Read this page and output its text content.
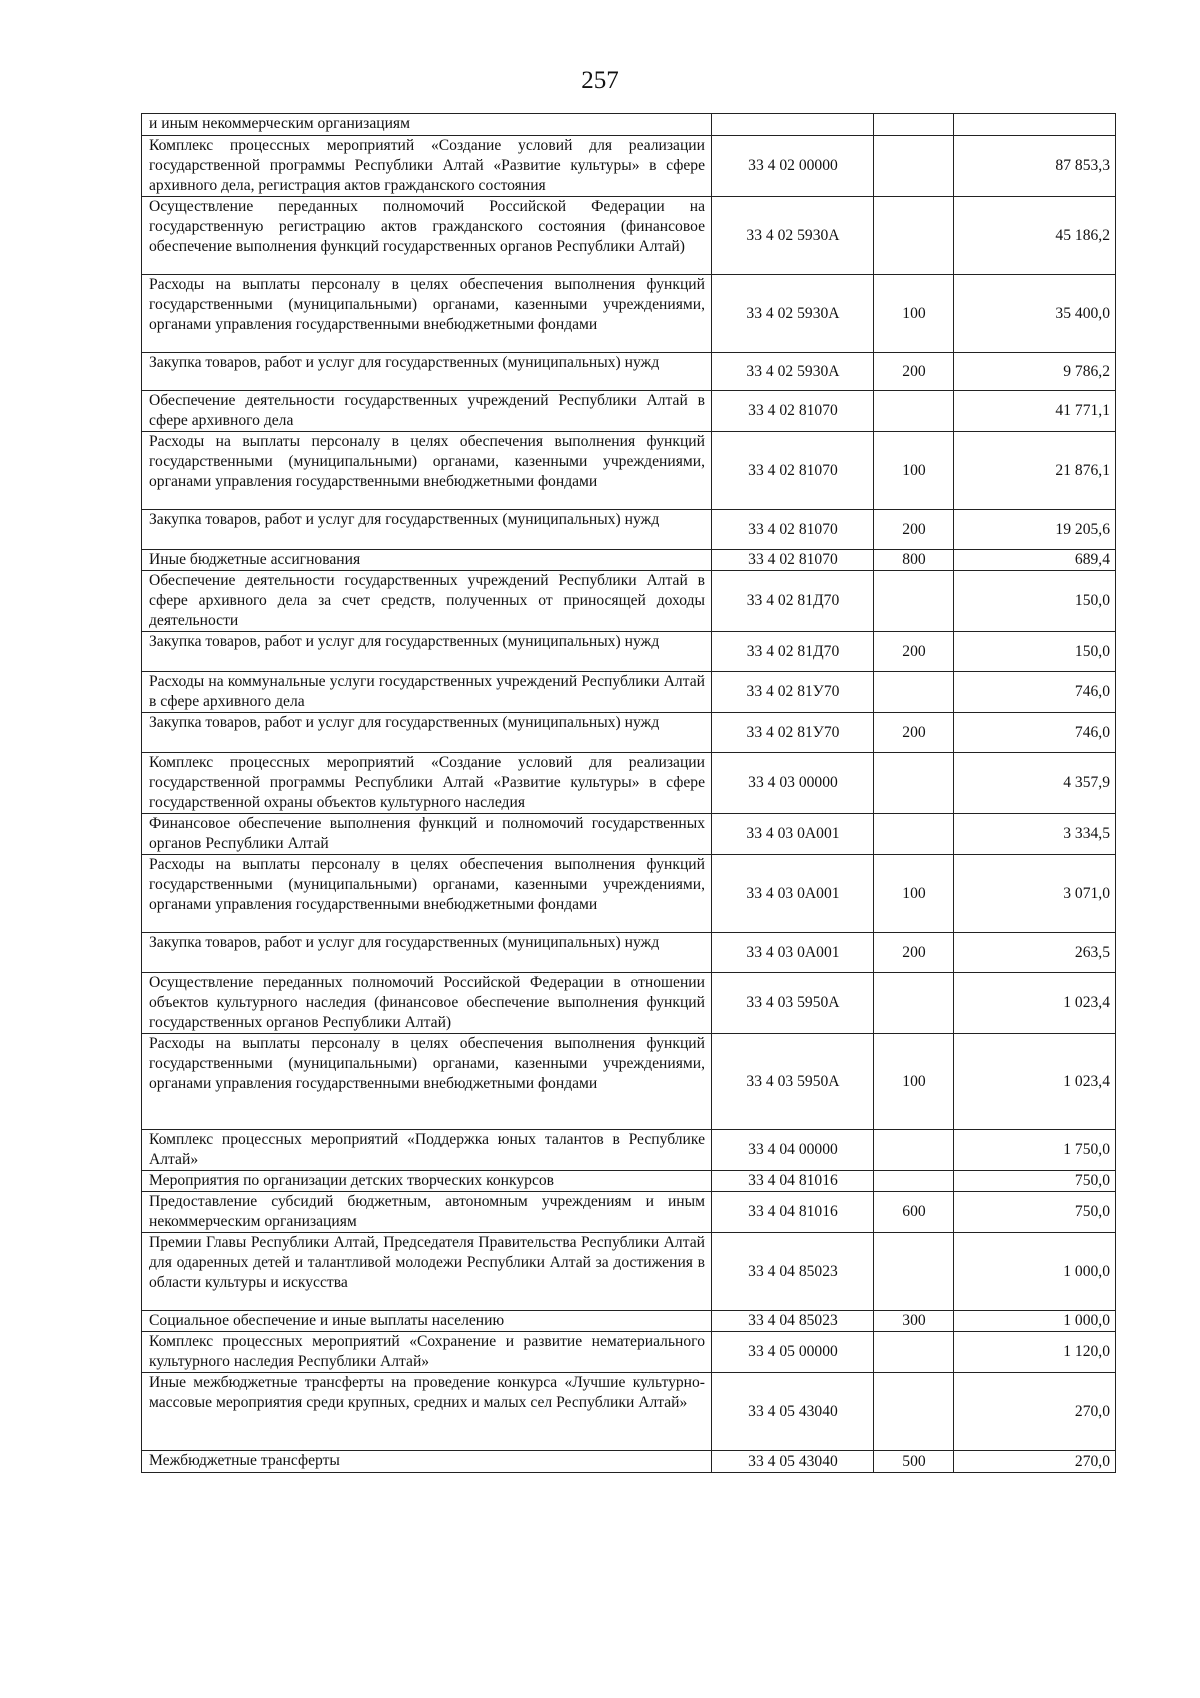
257
и иным некоммерческим организациям			
Комплекс процессных мероприятий «Создание условий для реализации государственной программы Республики Алтай «Развитие культуры» в сфере архивного дела, регистрация актов гражданского состояния	33 4 02 00000		87 853,3
Осуществление переданных полномочий Российской Федерации на государственную регистрацию актов гражданского состояния (финансовое обеспечение выполнения функций государственных органов Республики Алтай)	33 4 02 5930А		45 186,2
Расходы на выплаты персоналу в целях обеспечения выполнения функций государственными (муниципальными) органами, казенными учреждениями, органами управления государственными внебюджетными фондами	33 4 02 5930А	100	35 400,0
Закупка товаров, работ и услуг для государственных (муниципальных) нужд	33 4 02 5930А	200	9 786,2
Обеспечение деятельности государственных учреждений Республики Алтай в сфере архивного дела	33 4 02 81070		41 771,1
Расходы на выплаты персоналу в целях обеспечения выполнения функций государственными (муниципальными) органами, казенными учреждениями, органами управления государственными внебюджетными фондами	33 4 02 81070	100	21 876,1
Закупка товаров, работ и услуг для государственных (муниципальных) нужд	33 4 02 81070	200	19 205,6
Иные бюджетные ассигнования	33 4 02 81070	800	689,4
Обеспечение деятельности государственных учреждений Республики Алтай в сфере архивного дела за счет средств, полученных от приносящей доходы деятельности	33 4 02 81Д70		150,0
Закупка товаров, работ и услуг для государственных (муниципальных) нужд	33 4 02 81Д70	200	150,0
Расходы на коммунальные услуги государственных учреждений Республики Алтай в сфере архивного дела	33 4 02 81У70		746,0
Закупка товаров, работ и услуг для государственных (муниципальных) нужд	33 4 02 81У70	200	746,0
Комплекс процессных мероприятий «Создание условий для реализации государственной программы Республики Алтай «Развитие культуры» в сфере государственной охраны объектов культурного наследия	33 4 03 00000		4 357,9
Финансовое обеспечение выполнения функций и полномочий государственных органов Республики Алтай	33 4 03 0А001		3 334,5
Расходы на выплаты персоналу в целях обеспечения выполнения функций государственными (муниципальными) органами, казенными учреждениями, органами управления государственными внебюджетными фондами	33 4 03 0А001	100	3 071,0
Закупка товаров, работ и услуг для государственных (муниципальных) нужд	33 4 03 0А001	200	263,5
Осуществление переданных полномочий Российской Федерации в отношении объектов культурного наследия (финансовое обеспечение выполнения функций государственных органов Республики Алтай)	33 4 03 5950А		1 023,4
Расходы на выплаты персоналу в целях обеспечения выполнения функций государственными (муниципальными) органами, казенными учреждениями, органами управления государственными внебюджетными фондами	33 4 03 5950А	100	1 023,4
Комплекс процессных мероприятий «Поддержка юных талантов в Республике Алтай»	33 4 04 00000		1 750,0
Мероприятия по организации детских творческих конкурсов	33 4 04 81016		750,0
Предоставление субсидий бюджетным, автономным учреждениям и иным некоммерческим организациям	33 4 04 81016	600	750,0
Премии Главы Республики Алтай, Председателя Правительства Республики Алтай для одаренных детей и талантливой молодежи Республики Алтай за достижения в области культуры и искусства	33 4 04 85023		1 000,0
Социальное обеспечение и иные выплаты населению	33 4 04 85023	300	1 000,0
Комплекс процессных мероприятий «Сохранение и развитие нематериального культурного наследия Республики Алтай»	33 4 05 00000		1 120,0
Иные межбюджетные трансферты на проведение конкурса «Лучшие культурно-массовые мероприятия среди крупных, средних и малых сел Республики Алтай»	33 4 05 43040		270,0
Межбюджетные трансферты	33 4 05 43040	500	270,0
